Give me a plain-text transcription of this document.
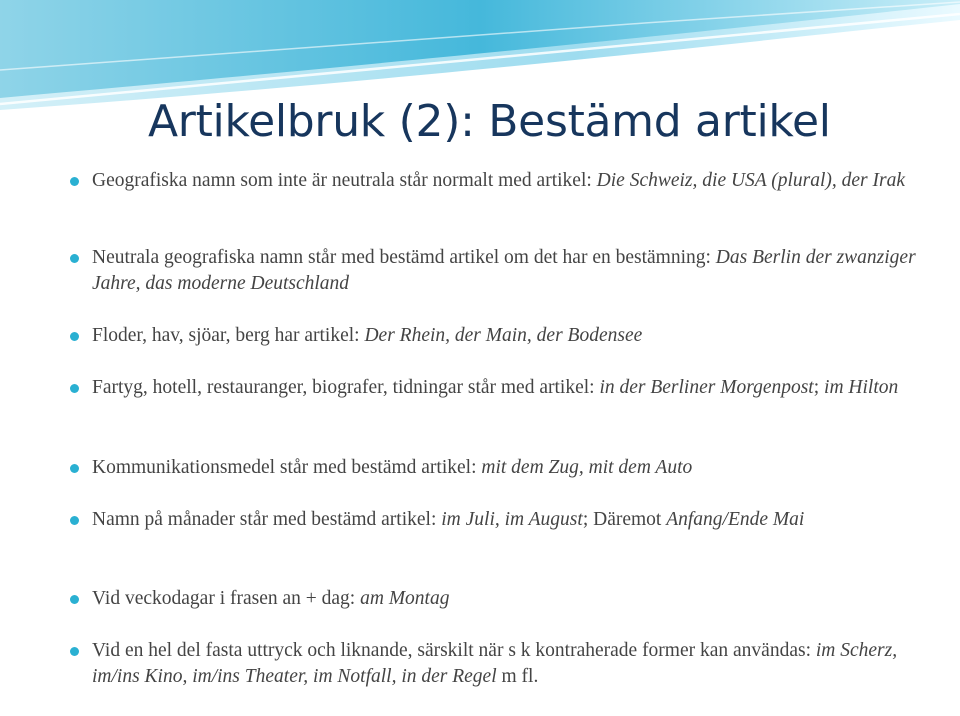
Artikelbruk (2): Bestämd artikel
Geografiska namn som inte är neutrala står normalt med artikel: Die Schweiz, die USA (plural), der Irak
Neutrala geografiska namn står med bestämd artikel om det har en bestämning: Das Berlin der zwanziger Jahre, das moderne Deutschland
Floder, hav, sjöar, berg har artikel: Der Rhein, der Main, der Bodensee
Fartyg, hotell, restauranger, biografer, tidningar står med artikel: in der Berliner Morgenpost; im Hilton
Kommunikationsmedel står med bestämd artikel: mit dem Zug, mit dem Auto
Namn på månader står med bestämd artikel: im Juli, im August; Däremot Anfang/Ende Mai
Vid veckodagar i frasen an + dag: am Montag
Vid en hel del fasta uttryck och liknande, särskilt när s k kontraherade former kan användas: im Scherz, im/ins Kino, im/ins Theater, im Notfall, in der Regel m fl.
